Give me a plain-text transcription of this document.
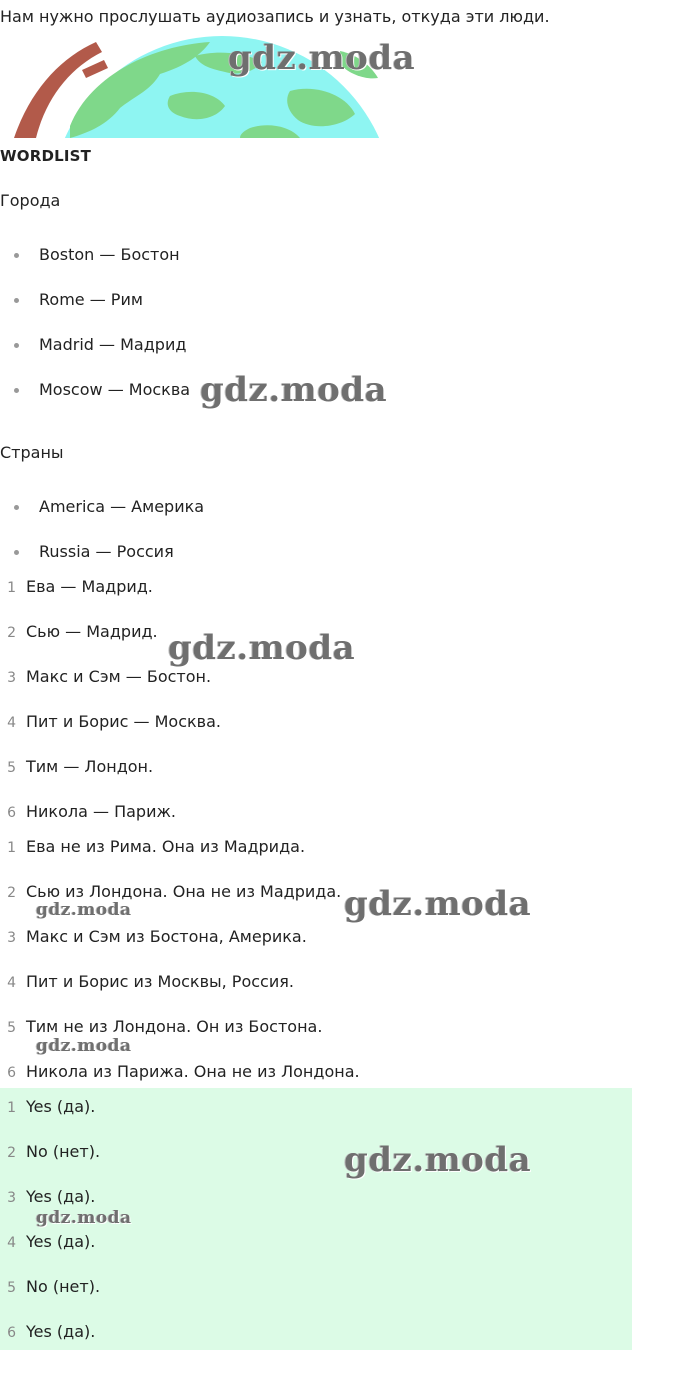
Нам нужно прослушать аудиозапись и узнать, откуда эти люди.
WORDLIST
Города
Boston — Бостон
Rome — Рим
Madrid — Мадрид
Moscow — Москва
Страны
America — Америка
Russia — Россия
1 Ева — Мадрид.
2 Сью — Мадрид.
3 Макс и Сэм — Бостон.
4 Пит и Борис — Москва.
5 Тим — Лондон.
6 Никола — Париж.
1 Ева не из Рима. Она из Мадрида.
2 Сью из Лондона. Она не из Мадрида.
3 Макс и Сэм из Бостона, Америка.
4 Пит и Борис из Москвы, Россия.
5 Тим не из Лондона. Он из Бостона.
6 Никола из Парижа. Она не из Лондона.
1 Yes (да).
2 No (нет).
3 Yes (да).
4 Yes (да).
5 No (нет).
6 Yes (да).
gdz.moda
gdz.moda
gdz.moda
gdz.moda
gdz.moda
gdz.moda
gdz.moda
gdz.moda
